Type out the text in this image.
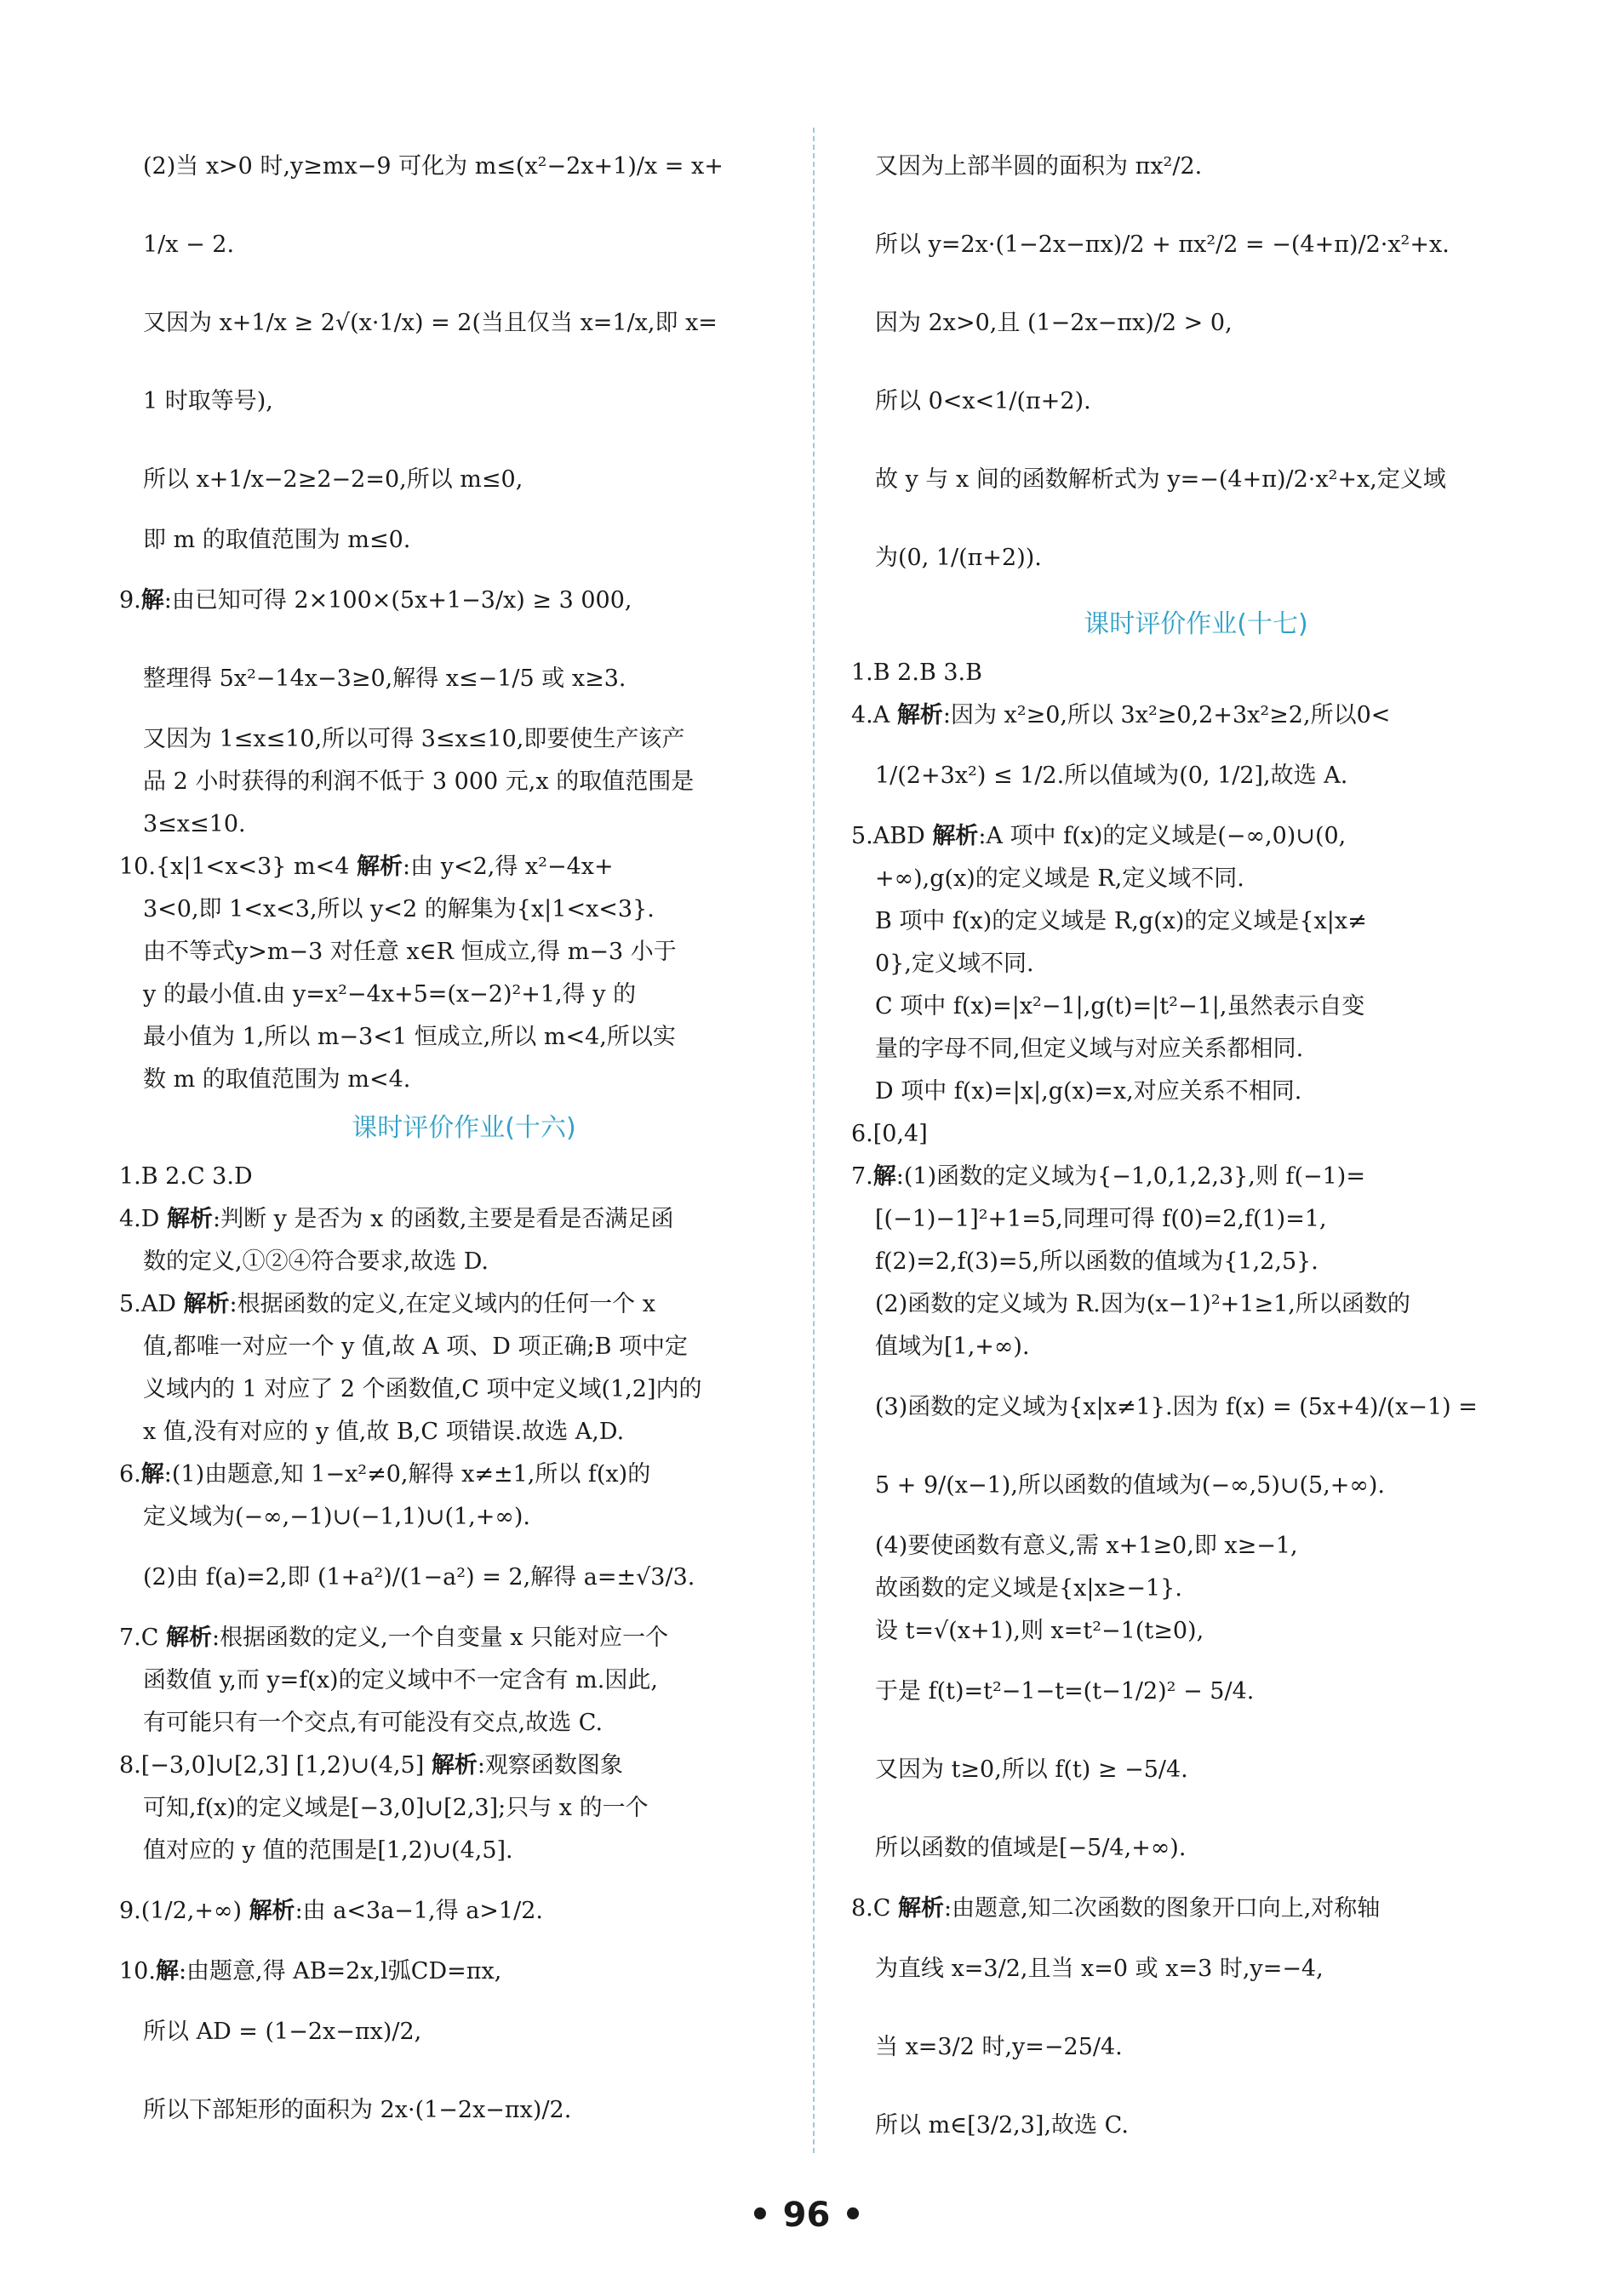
(2)当 x>0 时,y≥mx−9 可化为 m≤(x²−2x+1)/x = x+

1/x − 2.

又因为 x+1/x ≥ 2√(x·1/x) = 2(当且仅当 x=1/x,即 x=

1 时取等号),

所以 x+1/x−2≥2−2=0,所以 m≤0,

即 m 的取值范围为 m≤0.

9.解:由已知可得 2×100×(5x+1−3/x) ≥ 3 000,

整理得 5x²−14x−3≥0,解得 x≤−1/5 或 x≥3.

又因为 1≤x≤10,所以可得 3≤x≤10,即要使生产该产

品 2 小时获得的利润不低于 3 000 元,x 的取值范围是

3≤x≤10.

10.{x|1<x<3} m<4 解析:由 y<2,得 x²−4x+

3<0,即 1<x<3,所以 y<2 的解集为{x|1<x<3}.

由不等式y>m−3 对任意 x∈R 恒成立,得 m−3 小于

y 的最小值.由 y=x²−4x+5=(x−2)²+1,得 y 的

最小值为 1,所以 m−3<1 恒成立,所以 m<4,所以实

数 m 的取值范围为 m<4.

课时评价作业(十六)

1.B 2.C 3.D

4.D 解析:判断 y 是否为 x 的函数,主要是看是否满足函

数的定义,①②④符合要求,故选 D.

5.AD 解析:根据函数的定义,在定义域内的任何一个 x

值,都唯一对应一个 y 值,故 A 项、D 项正确;B 项中定

义域内的 1 对应了 2 个函数值,C 项中定义域(1,2]内的

x 值,没有对应的 y 值,故 B,C 项错误.故选 A,D.

6.解:(1)由题意,知 1−x²≠0,解得 x≠±1,所以 f(x)的

定义域为(−∞,−1)∪(−1,1)∪(1,+∞).

(2)由 f(a)=2,即 (1+a²)/(1−a²) = 2,解得 a=±√3/3.

7.C 解析:根据函数的定义,一个自变量 x 只能对应一个

函数值 y,而 y=f(x)的定义域中不一定含有 m.因此,

有可能只有一个交点,有可能没有交点,故选 C.

8.[−3,0]∪[2,3] [1,2)∪(4,5] 解析:观察函数图象

可知,f(x)的定义域是[−3,0]∪[2,3];只与 x 的一个

值对应的 y 值的范围是[1,2)∪(4,5].

9.(1/2,+∞) 解析:由 a<3a−1,得 a>1/2.

10.解:由题意,得 AB=2x,l弧CD=πx,

所以 AD = (1−2x−πx)/2,

所以下部矩形的面积为 2x·(1−2x−πx)/2.

又因为上部半圆的面积为 πx²/2.

所以 y=2x·(1−2x−πx)/2 + πx²/2 = −(4+π)/2·x²+x.

因为 2x>0,且 (1−2x−πx)/2 > 0,

所以 0<x<1/(π+2).

故 y 与 x 间的函数解析式为 y=−(4+π)/2·x²+x,定义域

为(0, 1/(π+2)).

课时评价作业(十七)

1.B 2.B 3.B

4.A 解析:因为 x²≥0,所以 3x²≥0,2+3x²≥2,所以0<

1/(2+3x²) ≤ 1/2.所以值域为(0, 1/2],故选 A.

5.ABD 解析:A 项中 f(x)的定义域是(−∞,0)∪(0,

+∞),g(x)的定义域是 R,定义域不同.

B 项中 f(x)的定义域是 R,g(x)的定义域是{x|x≠

0},定义域不同.

C 项中 f(x)=|x²−1|,g(t)=|t²−1|,虽然表示自变

量的字母不同,但定义域与对应关系都相同.

D 项中 f(x)=|x|,g(x)=x,对应关系不相同.

6.[0,4]

7.解:(1)函数的定义域为{−1,0,1,2,3},则 f(−1)=

[(−1)−1]²+1=5,同理可得 f(0)=2,f(1)=1,

f(2)=2,f(3)=5,所以函数的值域为{1,2,5}.

(2)函数的定义域为 R.因为(x−1)²+1≥1,所以函数的

值域为[1,+∞).

(3)函数的定义域为{x|x≠1}.因为 f(x) = (5x+4)/(x−1) =

5 + 9/(x−1),所以函数的值域为(−∞,5)∪(5,+∞).

(4)要使函数有意义,需 x+1≥0,即 x≥−1,

故函数的定义域是{x|x≥−1}.

设 t=√(x+1),则 x=t²−1(t≥0),

于是 f(t)=t²−1−t=(t−1/2)² − 5/4.

又因为 t≥0,所以 f(t) ≥ −5/4.

所以函数的值域是[−5/4,+∞).

8.C 解析:由题意,知二次函数的图象开口向上,对称轴

为直线 x=3/2,且当 x=0 或 x=3 时,y=−4,

当 x=3/2 时,y=−25/4.

所以 m∈[3/2,3],故选 C.

• 96 •
